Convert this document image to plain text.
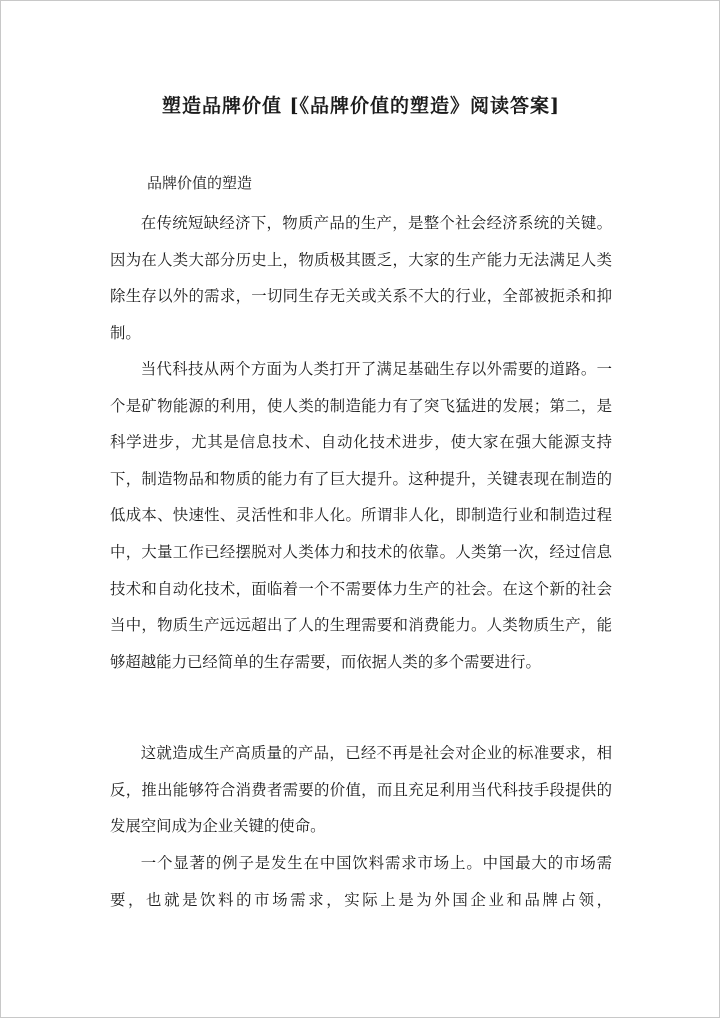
塑造品牌价值 [《品牌价值的塑造》阅读答案]
品牌价值的塑造

在传统短缺经济下，物质产品的生产，是整个社会经济系统的关键。因为在人类大部分历史上，物质极其匮乏，大家的生产能力无法满足人类除生存以外的需求，一切同生存无关或关系不大的行业，全部被扼杀和抑制。

当代科技从两个方面为人类打开了满足基础生存以外需要的道路。一个是矿物能源的利用，使人类的制造能力有了突飞猛进的发展；第二，是科学进步，尤其是信息技术、自动化技术进步，使大家在强大能源支持下，制造物品和物质的能力有了巨大提升。这种提升，关键表现在制造的低成本、快速性、灵活性和非人化。所谓非人化，即制造行业和制造过程中，大量工作已经摆脱对人类体力和技术的依靠。人类第一次，经过信息技术和自动化技术，面临着一个不需要体力生产的社会。在这个新的社会当中，物质生产远远超出了人的生理需要和消费能力。人类物质生产，能够超越能力已经简单的生存需要，而依据人类的多个需要进行。

这就造成生产高质量的产品，已经不再是社会对企业的标准要求，相反，推出能够符合消费者需要的价值，而且充足利用当代科技手段提供的发展空间成为企业关键的使命。

一个显著的例子是发生在中国饮料需求市场上。中国最大的市场需要，也就是饮料的市场需求，实际上是为外国企业和品牌占领，
